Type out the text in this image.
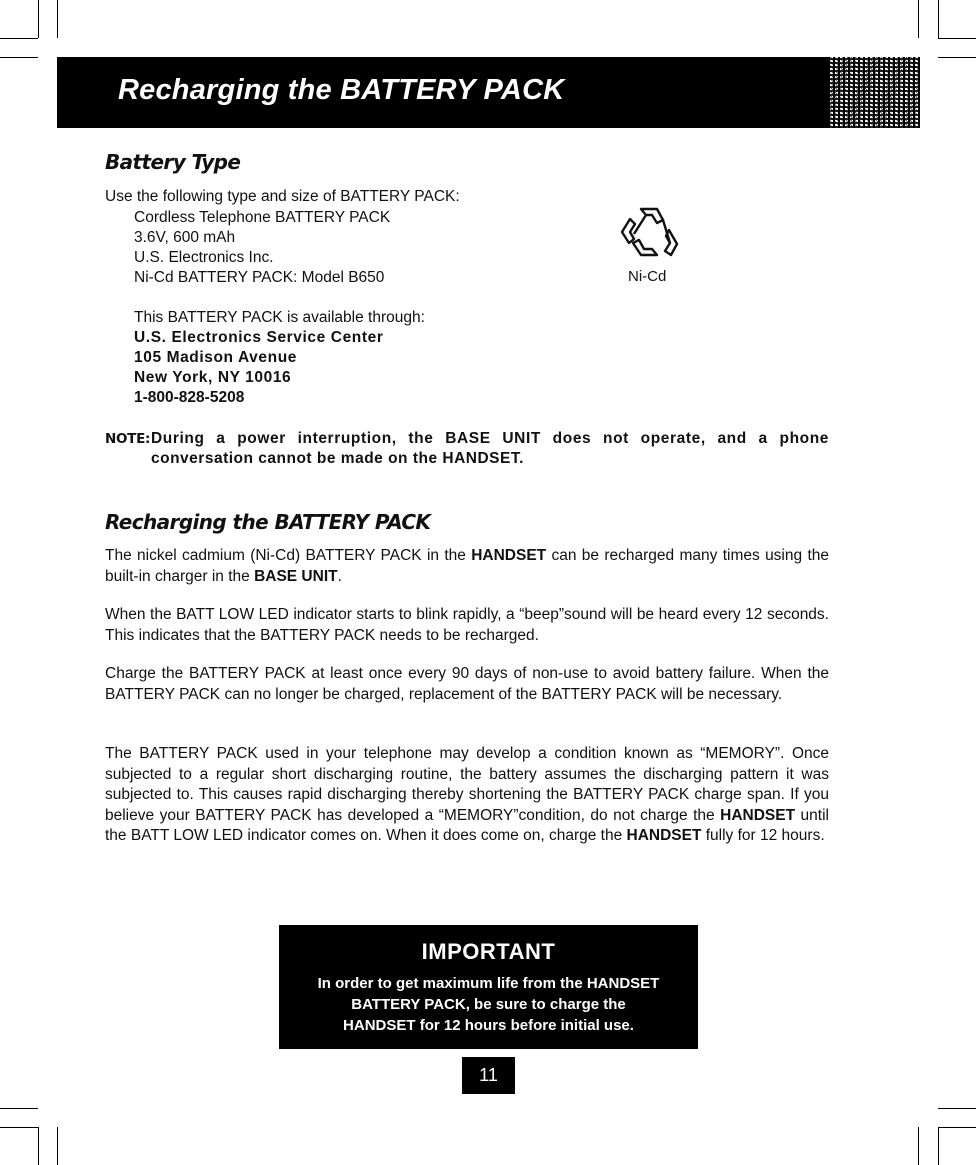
Recharging the BATTERY PACK
Battery Type
Use the following type and size of BATTERY PACK:
Cordless Telephone BATTERY PACK
3.6V, 600 mAh
U.S. Electronics Inc.
Ni-Cd BATTERY PACK: Model B650
This BATTERY PACK is available through:
U.S. Electronics Service Center
105 Madison Avenue
New York, NY 10016
1-800-828-5208
Ni-Cd
NOTE: During a power interruption, the BASE UNIT does not operate, and a phone
conversation cannot be made on the HANDSET.
Recharging the BATTERY PACK
The nickel cadmium (Ni-Cd) BATTERY PACK in the HANDSET can be recharged many times using the built-in charger in the BASE UNIT.
When the BATT LOW LED indicator starts to blink rapidly, a “beep”sound will be heard every 12 seconds. This indicates that the BATTERY PACK needs to be recharged.
Charge the BATTERY PACK at least once every 90 days of non-use to avoid battery failure. When the BATTERY PACK can no longer be charged, replacement of the BATTERY PACK will be necessary.
The BATTERY PACK used in your telephone may develop a condition known as “MEMORY”. Once subjected to a regular short discharging routine, the battery assumes the discharging pattern it was subjected to. This causes rapid discharging thereby shortening the BATTERY PACK charge span. If you believe your BATTERY PACK has developed a “MEMORY”condition, do not charge the HANDSET until the BATT LOW LED indicator comes on. When it does come on, charge the HANDSET fully for 12 hours.
IMPORTANT
In order to get maximum life from the HANDSET
BATTERY PACK, be sure to charge the
HANDSET for 12 hours before initial use.
11
